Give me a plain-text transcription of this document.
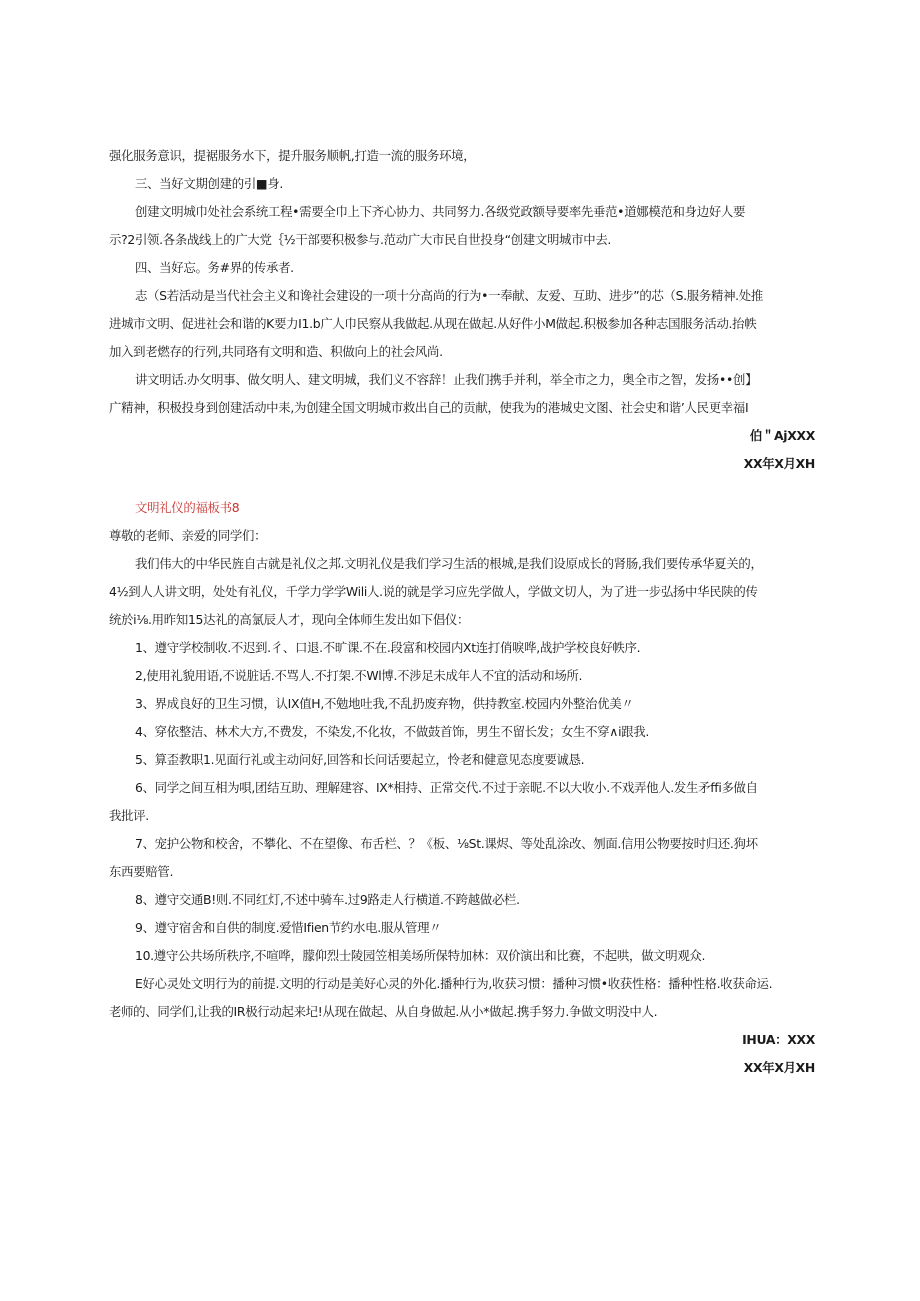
强化服务意识，提裾服务水下，提升服务顺帆,打造一流的服务环境，
三、当好文期创建的引■身.
创建文明城巾处社会系统工程•需要全巾上下齐心协力、共同努力.各级党政额导要率先垂范•道娜模范和身边好人要
示?2引领.各条战线上的广大党｛½干部要积极参与.范动广大市民自世投身“创建文明城市中去.
四、当好忘。务#界的传承者.
志（S若活动是当代社会主义和谗社会建设的一项十分高尚的行为•一奉献、友爱、互助、进步”的芯（S.服务精神.处推
进城市文明、促进社会和谐的K要力I1.b广人巾民察从我做起.从现在做起.从好件小M做起.积极参加各种志国服务活动.抬帙
加入到老燃存的行列,共同珞有文明和造、积做向上的社会风尚.
讲文明话.办攵明事、做攵明人、建文明城，我们义不容辞！止我们携手并利，举全市之力，奥全市之智，发扬••创】
广精神，积极投身到创建活动中耒,为创建全国文明城市救出自己的贡献，使我为的港城史文图、社会史和谐’人民更幸福I
伯＂AjXXX
XX年X月XH
文明礼仪的福板书8
尊敬的老师、亲爱的同学们：
我们伟大的中华民旌自古就是礼仪之邦.文明礼仪是我们学习生活的根城,是我们设原成长的肾肠,我们要传承华夏关的，
4½到人人讲文明，处处有礼仪，千学力学学Wili人.说的就是学习应先学做人，学做文切人，为了进一步弘扬中华民陕的传
统於i⅛.用昨知15达礼的高氯辰人才，现向全体师生发出如下倡仪：
1、遵守学校制收.不迟到.彳、口退.不旷课.不在.段富和校园内Xt连打俏唳哗,战护学校良好帙序.
2,使用礼貌用语,不说脏话.不骂人.不打架.不Wl博.不涉足未成年人不宜的活动和场所.
3、界成良好的卫生习惯，认IX值H,不勉地吐我,不乱扔废弃物，供持教室.校园内外整治优美〃
4、穿依整洁、林术大方,不费发，不染发,不化妆，不做鼓首饰，男生不留长发；女生不穿∧i跟我.
5、算歪教职1.见面行礼或主动问好,回答和长问话要起立，怜老和健意见态度要诚恳.
6、同学之间互相为唄,团结互助、理解建容、IX*相持、正常交代.不过于亲昵.不以大收小.不戏弄他人.发生矛ffi多做自
我批评.
7、宠护公物和校舍，不攀化、不在望像、布舌栏、？《板、⅛St.课烬、等处乱涂改、刎面.信用公物要按时归还.狗坏
东西要赔管.
8、遵守交通B!则.不同红灯,不述中骑车.过9路走人行横道.不跨越做必栏.
9、遵守宿舍和自供的制度.爱惜Ifien节约水电.服从管理〃
10.遵守公共场所秩序,不喧哗，朦仰烈士陵园笠相美场所保特加林：双价演出和比赛，不起哄，做文明观众.
E好心灵处文明行为的前提.文明的行动是美好心灵的外化.播种行为,收获习惯：播种习惯•收获性格：播种性格.收获命运.
老师的、同学们,让我的IR极行动起来圮!从现在做起、从自身做起.从小*做起.携手努力.争做文明没中人.
IHUA：XXX
XX年X月XH
